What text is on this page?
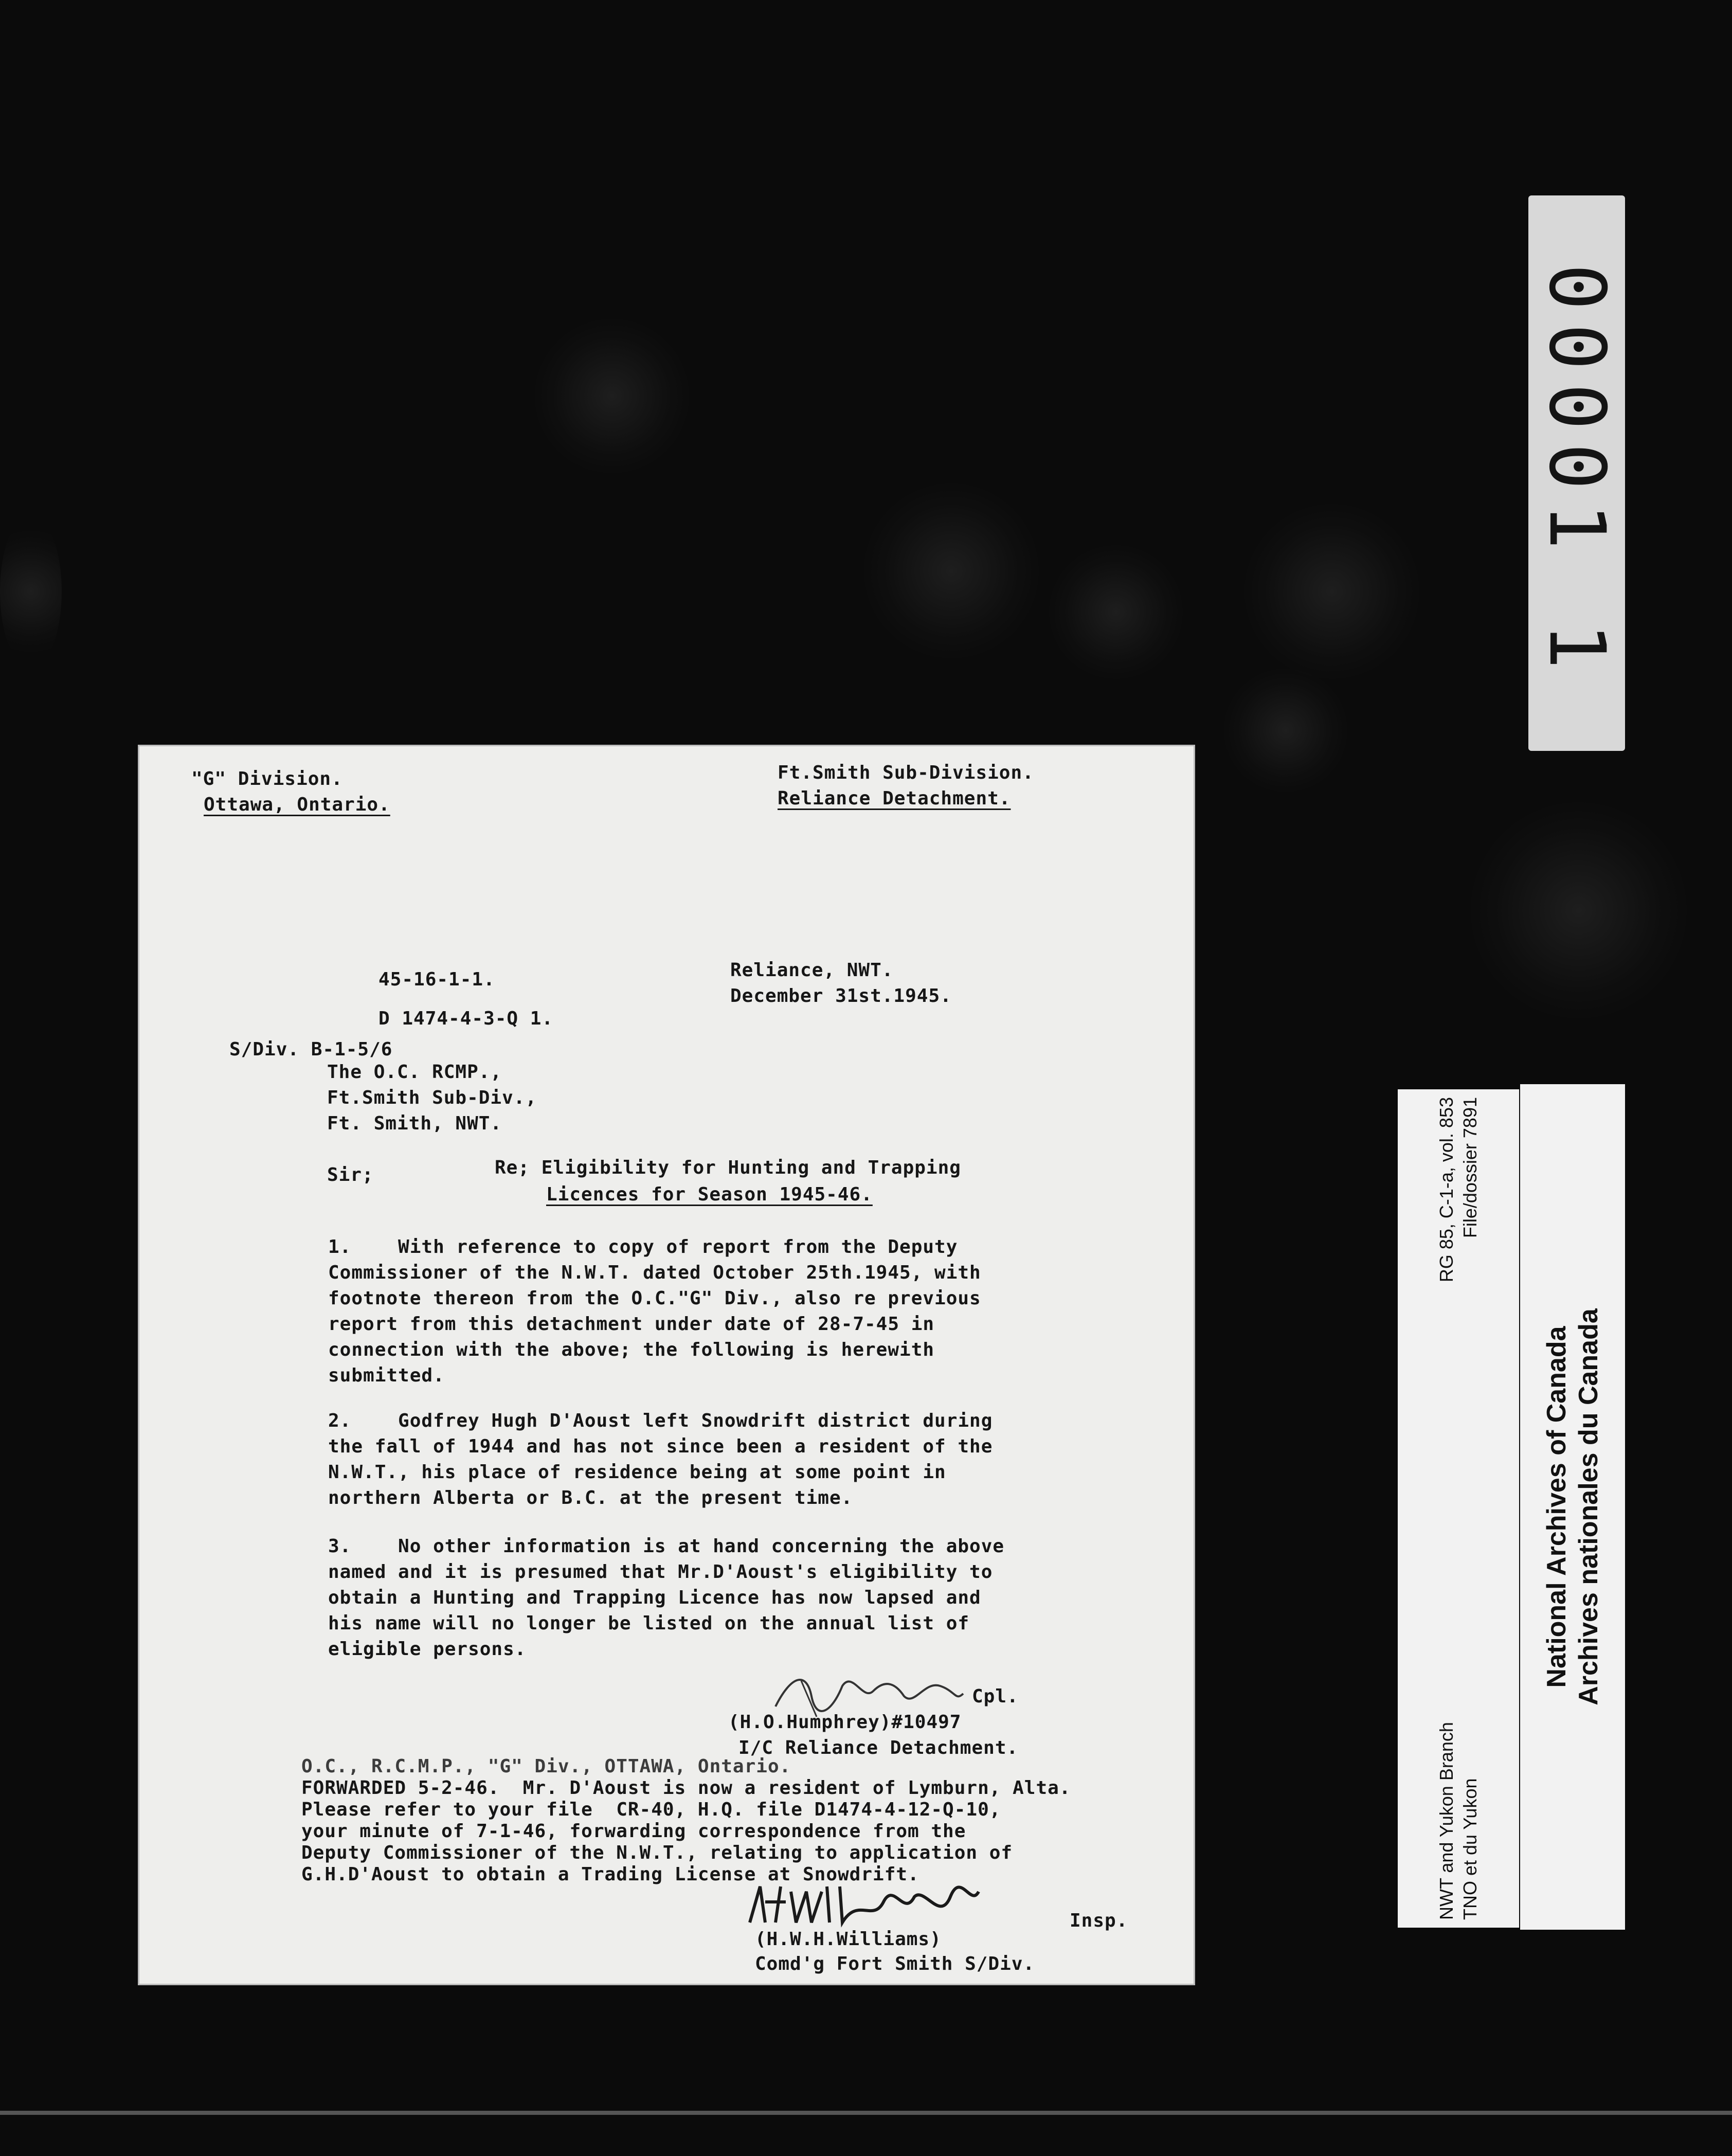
00001 1
"G" Division.
Ottawa, Ontario.
Ft.Smith Sub-Division.
Reliance Detachment.
45-16-1-1.
D 1474-4-3-Q 1.
Reliance, NWT.
December 31st.1945.
S/Div. B-1-5/6
The O.C. RCMP.,
Ft.Smith Sub-Div.,
Ft. Smith, NWT.
Sir;	Re; Eligibility for Hunting and Trapping
Licences for Season 1945-46.
1.    With reference to copy of report from the Deputy
Commissioner of the N.W.T. dated October 25th.1945, with
footnote thereon from the O.C."G" Div., also re previous
report from this detachment under date of 28-7-45 in
connection with the above; the following is herewith
submitted.
2.    Godfrey Hugh D'Aoust left Snowdrift district during
the fall of 1944 and has not since been a resident of the
N.W.T., his place of residence being at some point in
northern Alberta or B.C. at the present time.
3.    No other information is at hand concerning the above
named and it is presumed that Mr.D'Aoust's eligibility to
obtain a Hunting and Trapping Licence has now lapsed and
his name will no longer be listed on the annual list of
eligible persons.
Cpl.
(H.O.Humphrey)#10497
I/C Reliance Detachment.
O.C., R.C.M.P., "G" Div., OTTAWA, Ontario.
FORWARDED 5-2-46.  Mr. D'Aoust is now a resident of Lymburn, Alta.
Please refer to your file  CR-40, H.Q. file D1474-4-12-Q-10,
your minute of 7-1-46, forwarding correspondence from the
Deputy Commissioner of the N.W.T., relating to application of
G.H.D'Aoust to obtain a Trading License at Snowdrift.
Insp.
(H.W.H.Williams)
Comd'g Fort Smith S/Div.
NWT and Yukon Branch
RG 85, C-1-a, vol. 853
TNO et du Yukon
File/dossier 7891
National Archives of Canada Archives nationales du Canada
